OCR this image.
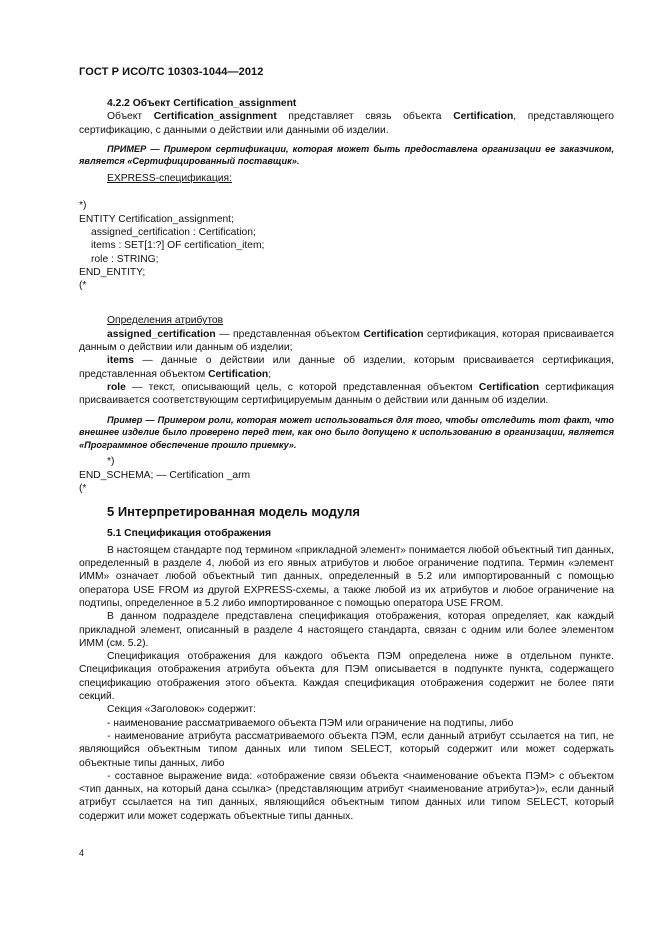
ГОСТ Р ИСО/ТС 10303-1044—2012

4.2.2 Объект Certification_assignment

Объект Certification_assignment представляет связь объекта Certification, представляющего сертификацию, с данными о действии или данными об изделии.

ПРИМЕР — Примером сертификации, которая может быть предоставлена организации ее заказчиком, является «Сертифицированный поставщик».

EXPRESS-спецификация:

*)
ENTITY Certification_assignment;
assigned_certification : Certification;
items : SET[1:?] OF certification_item;
role : STRING;
END_ENTITY;
(*

Определения атрибутов

assigned_certification — представленная объектом Certification сертификация, которая присваивается данным о действии или данным об изделии;

items — данные о действии или данные об изделии, которым присваивается сертификация, представленная объектом Certification;

role — текст, описывающий цель, с которой представленная объектом Certification сертификация присваивается соответствующим сертифицируемым данным о действии или данным об изделии.

Пример — Примером роли, которая может использоваться для того, чтобы отследить тот факт, что внешнее изделие было проверено перед тем, как оно было допущено к использованию в организации, является «Программное обеспечение прошло приемку».

*)
END_SCHEMA; — Certification _arm
(*

5 Интерпретированная модель модуля

5.1 Спецификация отображения

В настоящем стандарте под термином «прикладной элемент» понимается любой объектный тип данных, определенный в разделе 4, любой из его явных атрибутов и любое ограничение подтипа. Термин «элемент ИММ» означает любой объектный тип данных, определенный в 5.2 или импортированный с помощью оператора USE FROM из другой EXPRESS-схемы, а также любой из их атрибутов и любое ограничение на подтипы, определенное в 5.2 либо импортированное с помощью оператора USE FROM.

В данном подразделе представлена спецификация отображения, которая определяет, как каждый прикладной элемент, описанный в разделе 4 настоящего стандарта, связан с одним или более элементом ИММ (см. 5.2).

Спецификация отображения для каждого объекта ПЭМ определена ниже в отдельном пункте. Спецификация отображения атрибута объекта для ПЭМ описывается в подпункте пункта, содержащего спецификацию отображения этого объекта. Каждая спецификация отображения содержит не более пяти секций.

Секция «Заголовок» содержит:

- наименование рассматриваемого объекта ПЭМ или ограничение на подтипы, либо

- наименование атрибута рассматриваемого объекта ПЭМ, если данный атрибут ссылается на тип, не являющийся объектным типом данных или типом SELECT, который содержит или может содержать объектные типы данных, либо

- составное выражение вида: «отображение связи объекта <наименование объекта ПЭМ> с объектом <тип данных, на который дана ссылка> (представляющим атрибут <наименование атрибута>)», если данный атрибут ссылается на тип данных, являющийся объектным типом данных или типом SELECT, который содержит или может содержать объектные типы данных.

4
